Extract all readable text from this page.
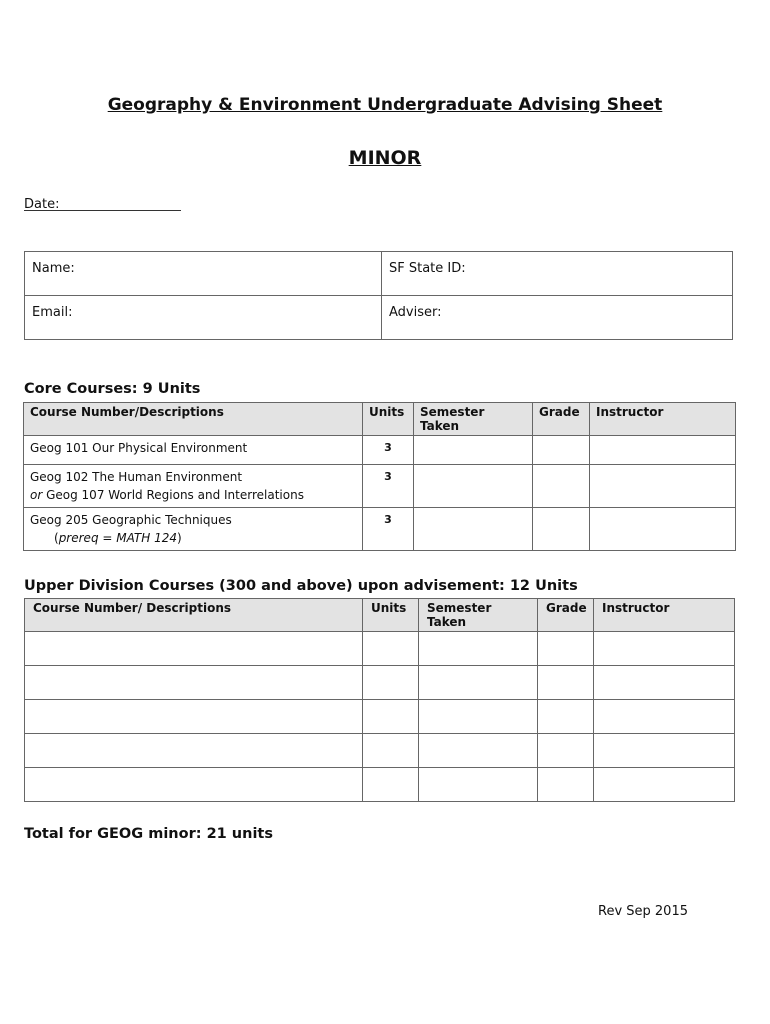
Geography & Environment Undergraduate Advising Sheet
MINOR
Date:
Name:	SF State ID:
Email:	Adviser:
Core Courses: 9 Units
Course Number/Descriptions	Units	Semester Taken	Grade	Instructor
Geog 101 Our Physical Environment	3			

Geog 102 The Human Environment
or Geog 107 World Regions and Interrelations	3			

Geog 205 Geographic Techniques
(prereq = MATH 124)	3			
Upper Division Courses (300 and above) upon advisement: 12 Units
Course Number/ Descriptions	Units	Semester Taken	Grade	Instructor

Total for GEOG minor: 21 units
Rev Sep 2015
